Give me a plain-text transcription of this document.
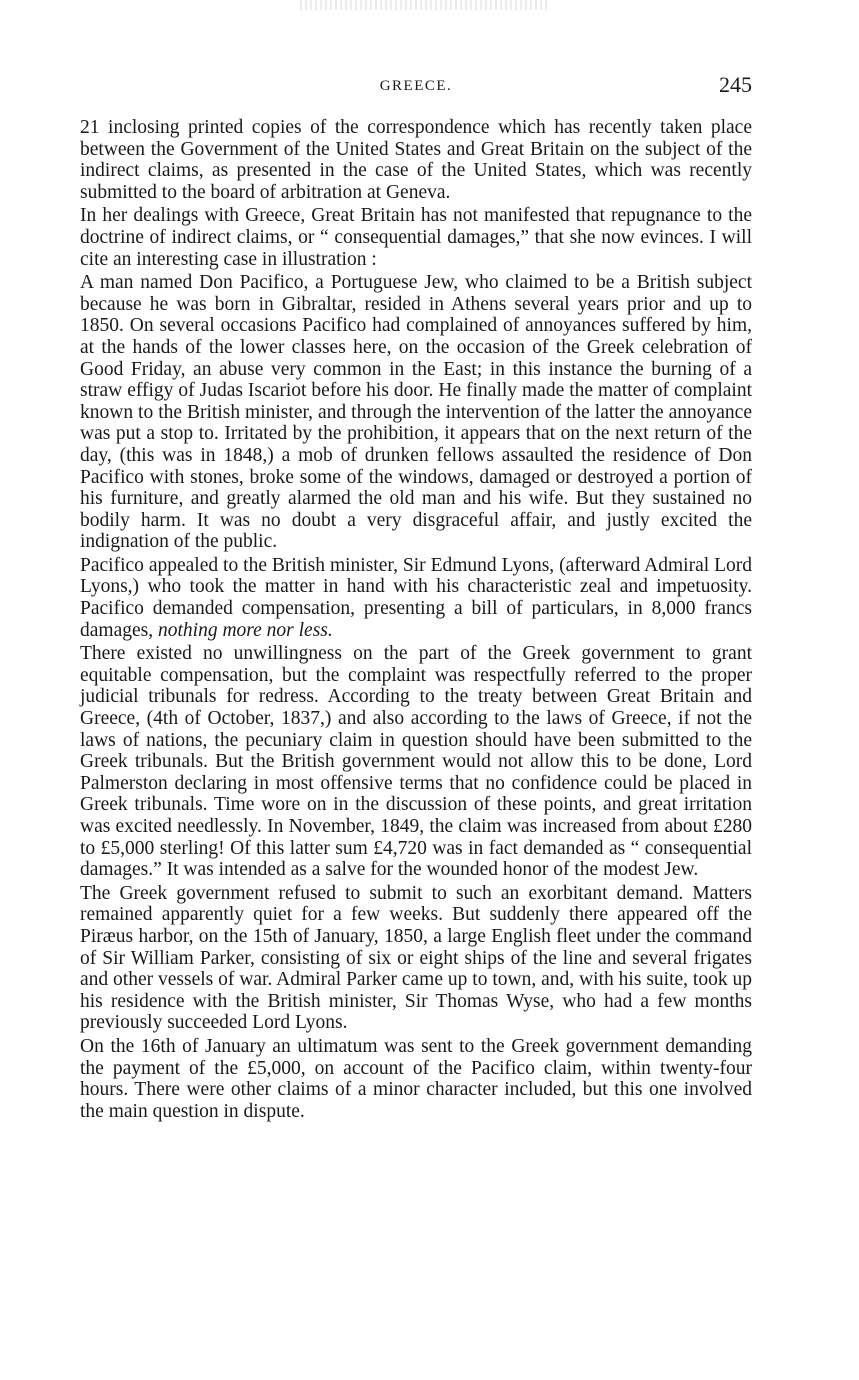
GREECE.	245

21 inclosing printed copies of the correspondence which has recently taken place between the Government of the United States and Great Britain on the subject of the indirect claims, as presented in the case of the United States, which was recently submitted to the board of arbitration at Geneva.

In her dealings with Greece, Great Britain has not manifested that repugnance to the doctrine of indirect claims, or “ consequential damages,” that she now evinces. I will cite an interesting case in illustration :

A man named Don Pacifico, a Portuguese Jew, who claimed to be a British subject because he was born in Gibraltar, resided in Athens several years prior and up to 1850. On several occasions Pacifico had complained of annoyances suffered by him, at the hands of the lower classes here, on the occasion of the Greek celebration of Good Friday, an abuse very common in the East; in this instance the burning of a straw effigy of Judas Iscariot before his door. He finally made the matter of complaint known to the British minister, and through the intervention of the latter the annoyance was put a stop to. Irritated by the prohibition, it appears that on the next return of the day, (this was in 1848,) a mob of drunken fellows assaulted the residence of Don Pacifico with stones, broke some of the windows, damaged or destroyed a portion of his furniture, and greatly alarmed the old man and his wife. But they sustained no bodily harm. It was no doubt a very disgraceful affair, and justly excited the indignation of the public.

Pacifico appealed to the British minister, Sir Edmund Lyons, (afterward Admiral Lord Lyons,) who took the matter in hand with his characteristic zeal and impetuosity. Pacifico demanded compensation, presenting a bill of particulars, in 8,000 francs damages, nothing more nor less.

There existed no unwillingness on the part of the Greek government to grant equitable compensation, but the complaint was respectfully referred to the proper judicial tribunals for redress. According to the treaty between Great Britain and Greece, (4th of October, 1837,) and also according to the laws of Greece, if not the laws of nations, the pecuniary claim in question should have been submitted to the Greek tribunals. But the British government would not allow this to be done, Lord Palmerston declaring in most offensive terms that no confidence could be placed in Greek tribunals. Time wore on in the discussion of these points, and great irritation was excited needlessly. In November, 1849, the claim was increased from about £280 to £5,000 sterling! Of this latter sum £4,720 was in fact demanded as “ consequential damages.” It was intended as a salve for the wounded honor of the modest Jew.

The Greek government refused to submit to such an exorbitant demand. Matters remained apparently quiet for a few weeks. But suddenly there appeared off the Piræus harbor, on the 15th of January, 1850, a large English fleet under the command of Sir William Parker, consisting of six or eight ships of the line and several frigates and other vessels of war. Admiral Parker came up to town, and, with his suite, took up his residence with the British minister, Sir Thomas Wyse, who had a few months previously succeeded Lord Lyons.

On the 16th of January an ultimatum was sent to the Greek government demanding the payment of the £5,000, on account of the Pacifico claim, within twenty-four hours. There were other claims of a minor character included, but this one involved the main question in dispute.
